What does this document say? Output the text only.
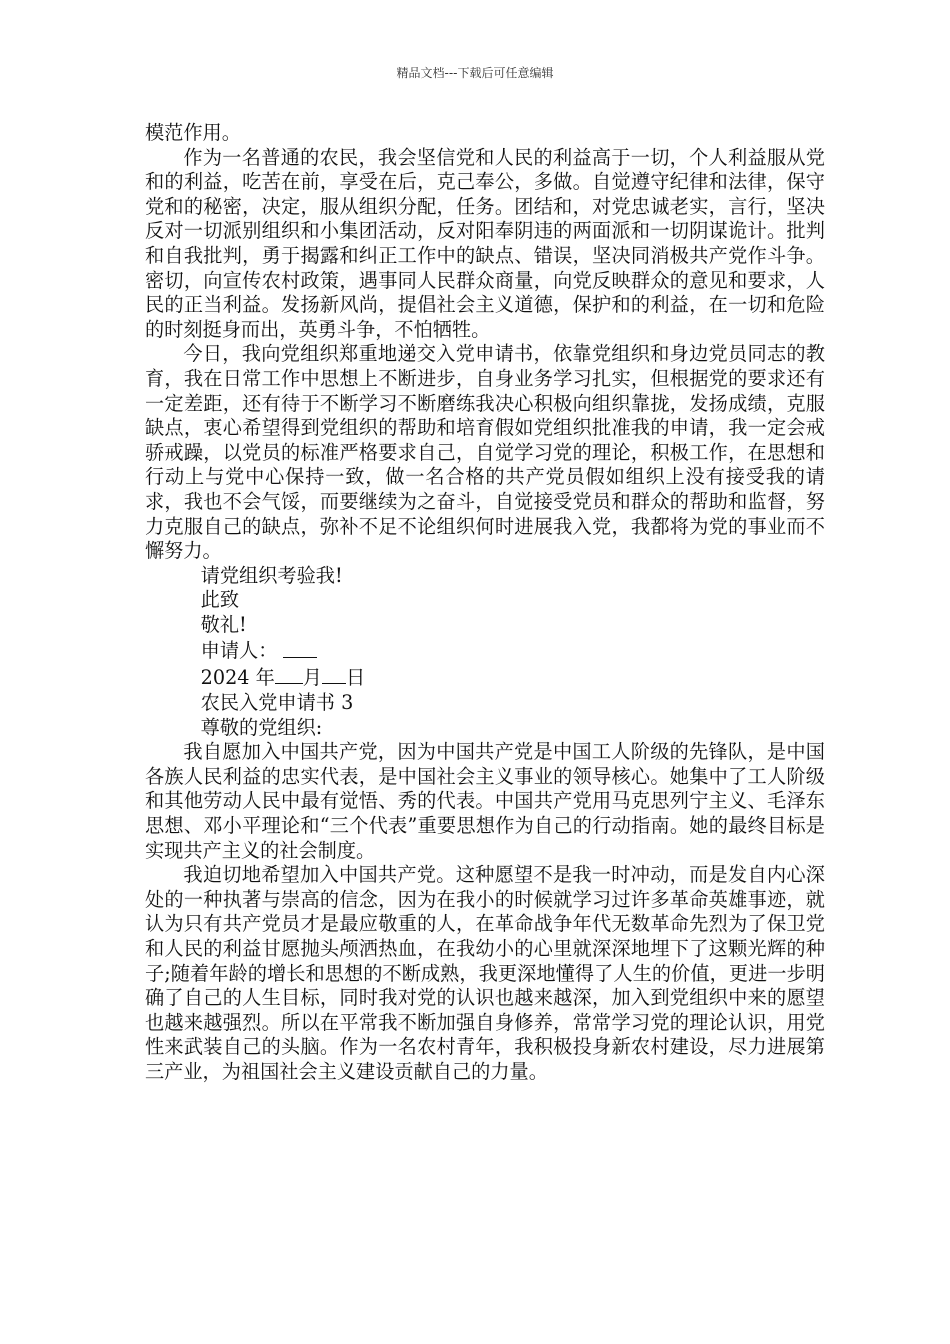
精品文档---下载后可任意编辑

模范作用。

作为一名普通的农民，我会坚信党和人民的利益高于一切，个人利益服从党和的利益，吃苦在前，享受在后，克己奉公，多做。自觉遵守纪律和法律，保守党和的秘密，决定，服从组织分配，任务。团结和，对党忠诚老实，言行，坚决反对一切派别组织和小集团活动，反对阳奉阴违的两面派和一切阴谋诡计。批判和自我批判，勇于揭露和纠正工作中的缺点、错误，坚决同消极共产党作斗争。密切，向宣传农村政策，遇事同人民群众商量，向党反映群众的意见和要求，人民的正当利益。发扬新风尚，提倡社会主义道德，保护和的利益，在一切和危险的时刻挺身而出，英勇斗争，不怕牺牲。

今日，我向党组织郑重地递交入党申请书，依靠党组织和身边党员同志的教育，我在日常工作中思想上不断进步，自身业务学习扎实，但根据党的要求还有一定差距，还有待于不断学习不断磨练我决心积极向组织靠拢，发扬成绩，克服缺点，衷心希望得到党组织的帮助和培育假如党组织批准我的申请，我一定会戒骄戒躁，以党员的标准严格要求自己，自觉学习党的理论，积极工作，在思想和行动上与党中心保持一致，做一名合格的共产党员假如组织上没有接受我的请求，我也不会气馁，而要继续为之奋斗，自觉接受党员和群众的帮助和监督，努力克服自己的缺点，弥补不足不论组织何时进展我入党，我都将为党的事业而不懈努力。

请党组织考验我!

此致

敬礼!

申请人：

2024 年 月 日

农民入党申请书 3

尊敬的党组织:

我自愿加入中国共产党，因为中国共产党是中国工人阶级的先锋队，是中国各族人民利益的忠实代表，是中国社会主义事业的领导核心。她集中了工人阶级和其他劳动人民中最有觉悟、秀的代表。中国共产党用马克思列宁主义、毛泽东思想、邓小平理论和“三个代表”重要思想作为自己的行动指南。她的最终目标是实现共产主义的社会制度。

我迫切地希望加入中国共产党。这种愿望不是我一时冲动，而是发自内心深处的一种执著与崇高的信念，因为在我小的时候就学习过许多革命英雄事迹，就认为只有共产党员才是最应敬重的人，在革命战争年代无数革命先烈为了保卫党和人民的利益甘愿抛头颅洒热血，在我幼小的心里就深深地埋下了这颗光辉的种子;随着年龄的增长和思想的不断成熟，我更深地懂得了人生的价值，更进一步明确了自己的人生目标，同时我对党的认识也越来越深，加入到党组织中来的愿望也越来越强烈。所以在平常我不断加强自身修养，常常学习党的理论认识，用党性来武装自己的头脑。作为一名农村青年，我积极投身新农村建设，尽力进展第三产业，为祖国社会主义建设贡献自己的力量。
